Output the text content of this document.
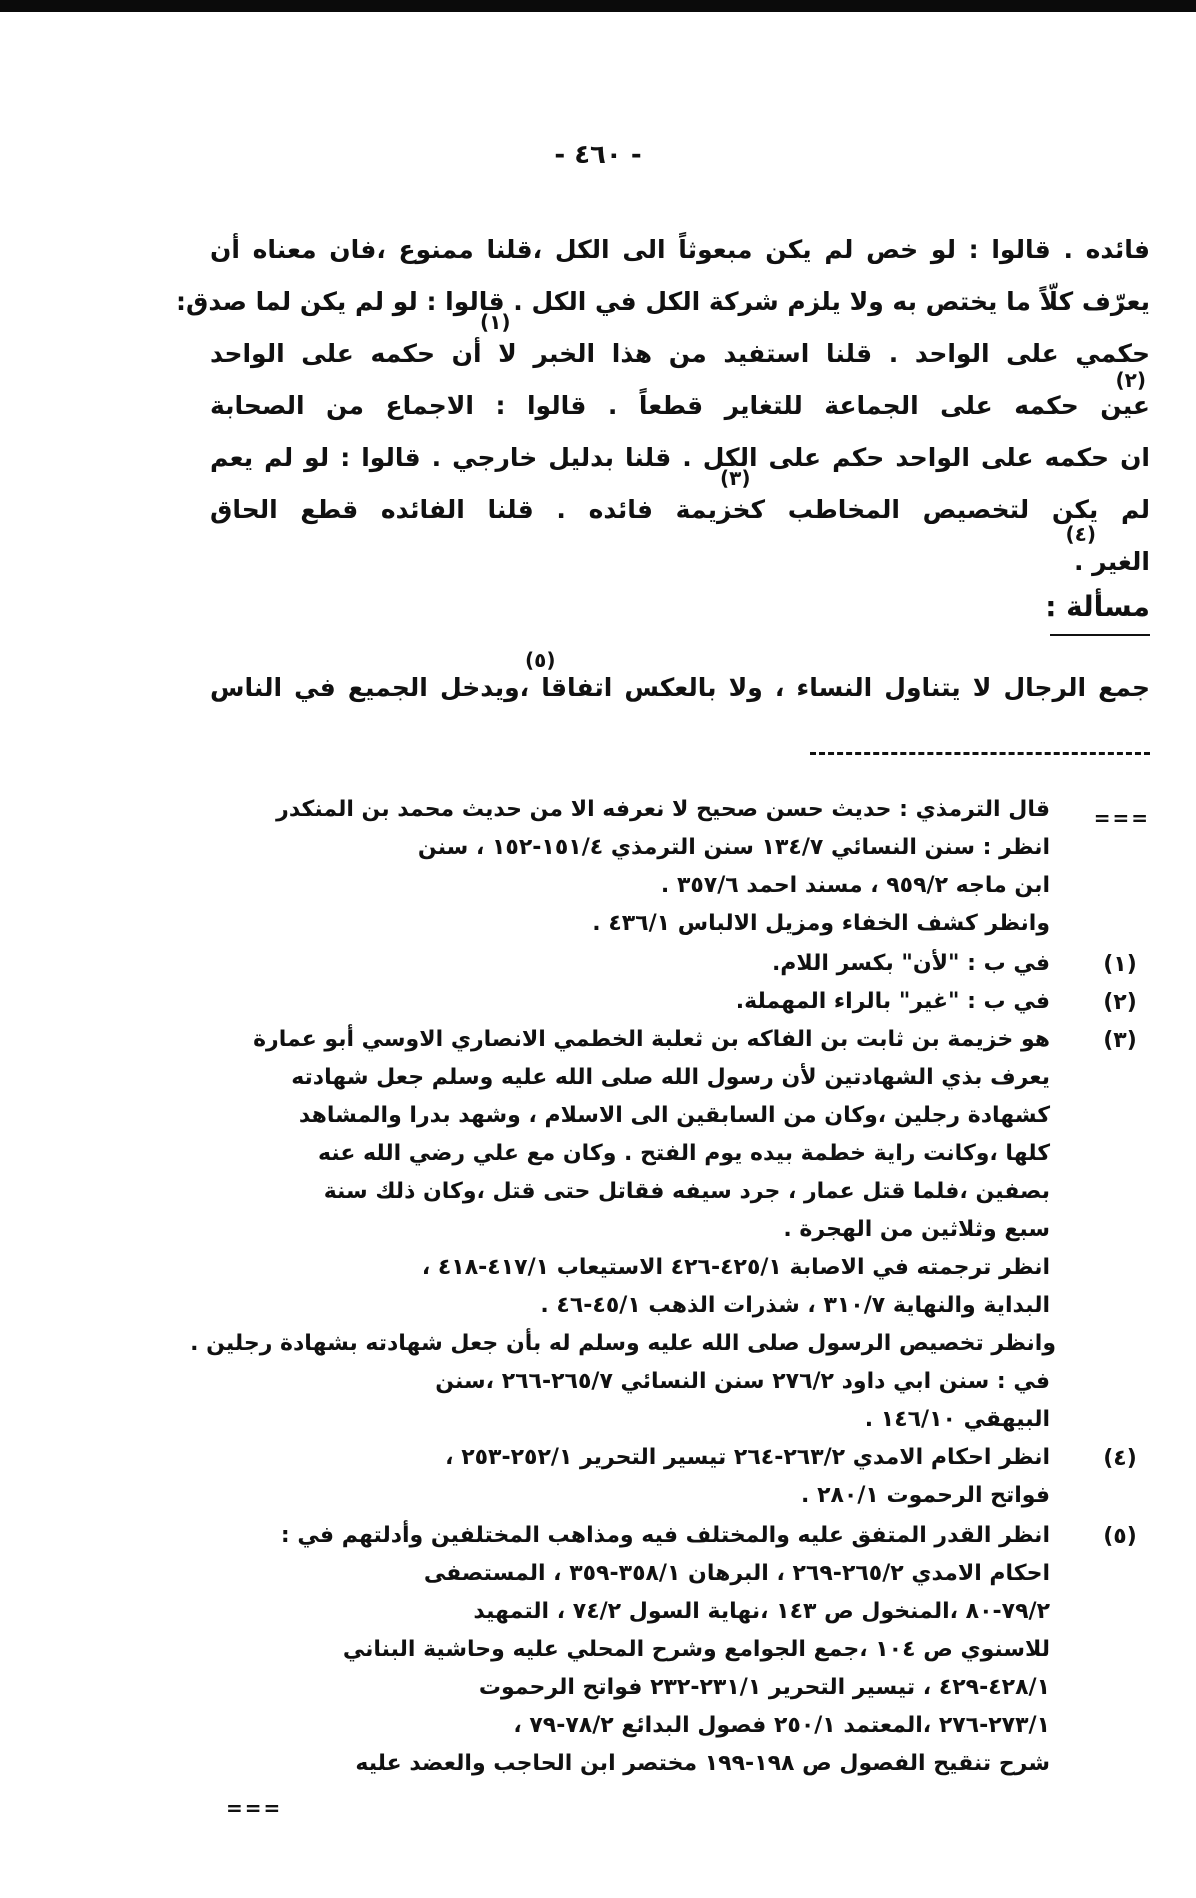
- ٤٦٠ -
فائده . قالوا : لو خص لم يكن مبعوثاً الى الكل ،قلنا ممنوع ،فان معناه أن
يعرّف كلّاً ما يختص به ولا يلزم شركة الكل في الكل . قالوا : لو لم يكن لما صدق:
(١)
حكمي على الواحد . قلنا استفيد من هذا الخبر لا أن حكمه على الواحد
(٢)
عين حكمه على الجماعة للتغاير قطعاً . قالوا : الاجماع من الصحابة
ان حكمه على الواحد حكم على الكل . قلنا بدليل خارجي . قالوا : لو لم يعم
(٣)
لم يكن لتخصيص المخاطب كخزيمة فائده . قلنا الفائده قطع الحاق
(٤)
الغير .
مسألة :
(٥)
جمع الرجال لا يتناول النساء ، ولا بالعكس اتفاقا ،ويدخل الجميع في الناس
===
قال الترمذي : حديث حسن صحيح لا نعرفه الا من حديث محمد بن المنكدر
انظر : سنن النسائي ١٣٤/٧ سنن الترمذي ١٥١/٤-١٥٢ ، سنن
ابن ماجه ٩٥٩/٢ ، مسند احمد ٣٥٧/٦ .
وانظر كشف الخفاء ومزيل الالباس ٤٣٦/١ .
(١)
في ب : "لأن" بكسر اللام.
(٢)
في ب : "غير" بالراء المهملة.
(٣)
هو خزيمة بن ثابت بن الفاكه بن ثعلبة الخطمي الانصاري الاوسي أبو عمارة
يعرف بذي الشهادتين لأن رسول الله صلى الله عليه وسلم جعل شهادته
كشهادة رجلين ،وكان من السابقين الى الاسلام ، وشهد بدرا والمشاهد
كلها ،وكانت راية خطمة بيده يوم الفتح . وكان مع علي رضي الله عنه
بصفين ،فلما قتل عمار ، جرد سيفه فقاتل حتى قتل ،وكان ذلك سنة
سبع وثلاثين من الهجرة .
انظر ترجمته في الاصابة ٤٢٥/١-٤٢٦ الاستيعاب ٤١٧/١-٤١٨ ،
البداية والنهاية ٣١٠/٧ ، شذرات الذهب ٤٥/١-٤٦ .
وانظر تخصيص الرسول صلى الله عليه وسلم له بأن جعل شهادته بشهادة رجلين .
في : سنن ابي داود ٢٧٦/٢ سنن النسائي ٢٦٥/٧-٢٦٦ ،سنن
البيهقي ١٤٦/١٠ .
(٤)
انظر احكام الامدي ٢٦٣/٢-٢٦٤ تيسير التحرير ٢٥٢/١-٢٥٣ ،
فواتح الرحموت ٢٨٠/١ .
(٥)
انظر القدر المتفق عليه والمختلف فيه ومذاهب المختلفين وأدلتهم في :
احكام الامدي ٢٦٥/٢-٢٦٩ ، البرهان ٣٥٨/١-٣٥٩ ، المستصفى
٧٩/٢-٨٠ ،المنخول ص ١٤٣ ،نهاية السول ٧٤/٢ ، التمهيد
للاسنوي ص ١٠٤ ،جمع الجوامع وشرح المحلي عليه وحاشية البناني
٤٢٨/١-٤٢٩ ، تيسير التحرير ٢٣١/١-٢٣٢ فواتح الرحموت
٢٧٣/١-٢٧٦ ،المعتمد ٢٥٠/١ فصول البدائع ٧٨/٢-٧٩ ،
شرح تنقيح الفصول ص ١٩٨-١٩٩ مختصر ابن الحاجب والعضد عليه
===
